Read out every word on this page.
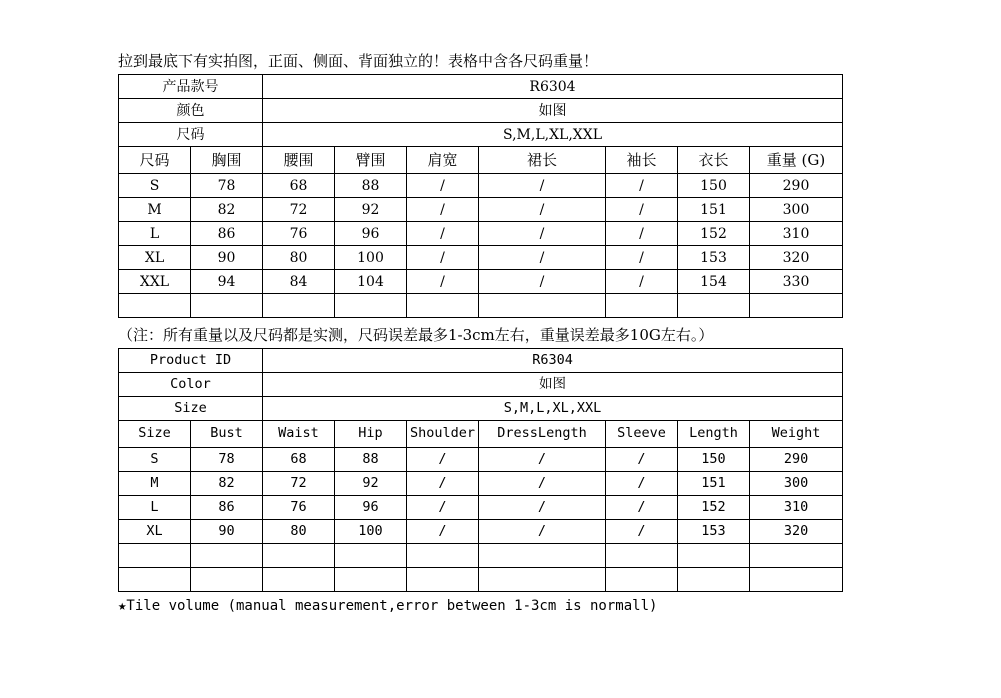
拉到最底下有实拍图，正面、侧面、背面独立的！表格中含各尺码重量！
产品款号		R6304						
颜色		如图						
尺码		S,M,L,XL,XXL						
尺码	胸围	腰围	臂围	肩宽	裙长	袖长	衣长	重量 (G)
S	78	68	88	/	/	/	150	290
M	82	72	92	/	/	/	151	300
L	86	76	96	/	/	/	152	310
XL	90	80	100	/	/	/	153	320
XXL	94	84	104	/	/	/	154	330

（注：所有重量以及尺码都是实测，尺码误差最多1-3cm左右，重量误差最多10G左右。）
Product ID		R6304						
Color		如图						
Size		S,M,L,XL,XXL						
Size	Bust	Waist	Hip	Shoulder	DressLength	Sleeve	Length	Weight
S	78	68	88	/	/	/	150	290
M	82	72	92	/	/	/	151	300
L	86	76	96	/	/	/	152	310
XL	90	80	100	/	/	/	153	320

★Tile volume (manual measurement,error between 1-3cm is normall)
